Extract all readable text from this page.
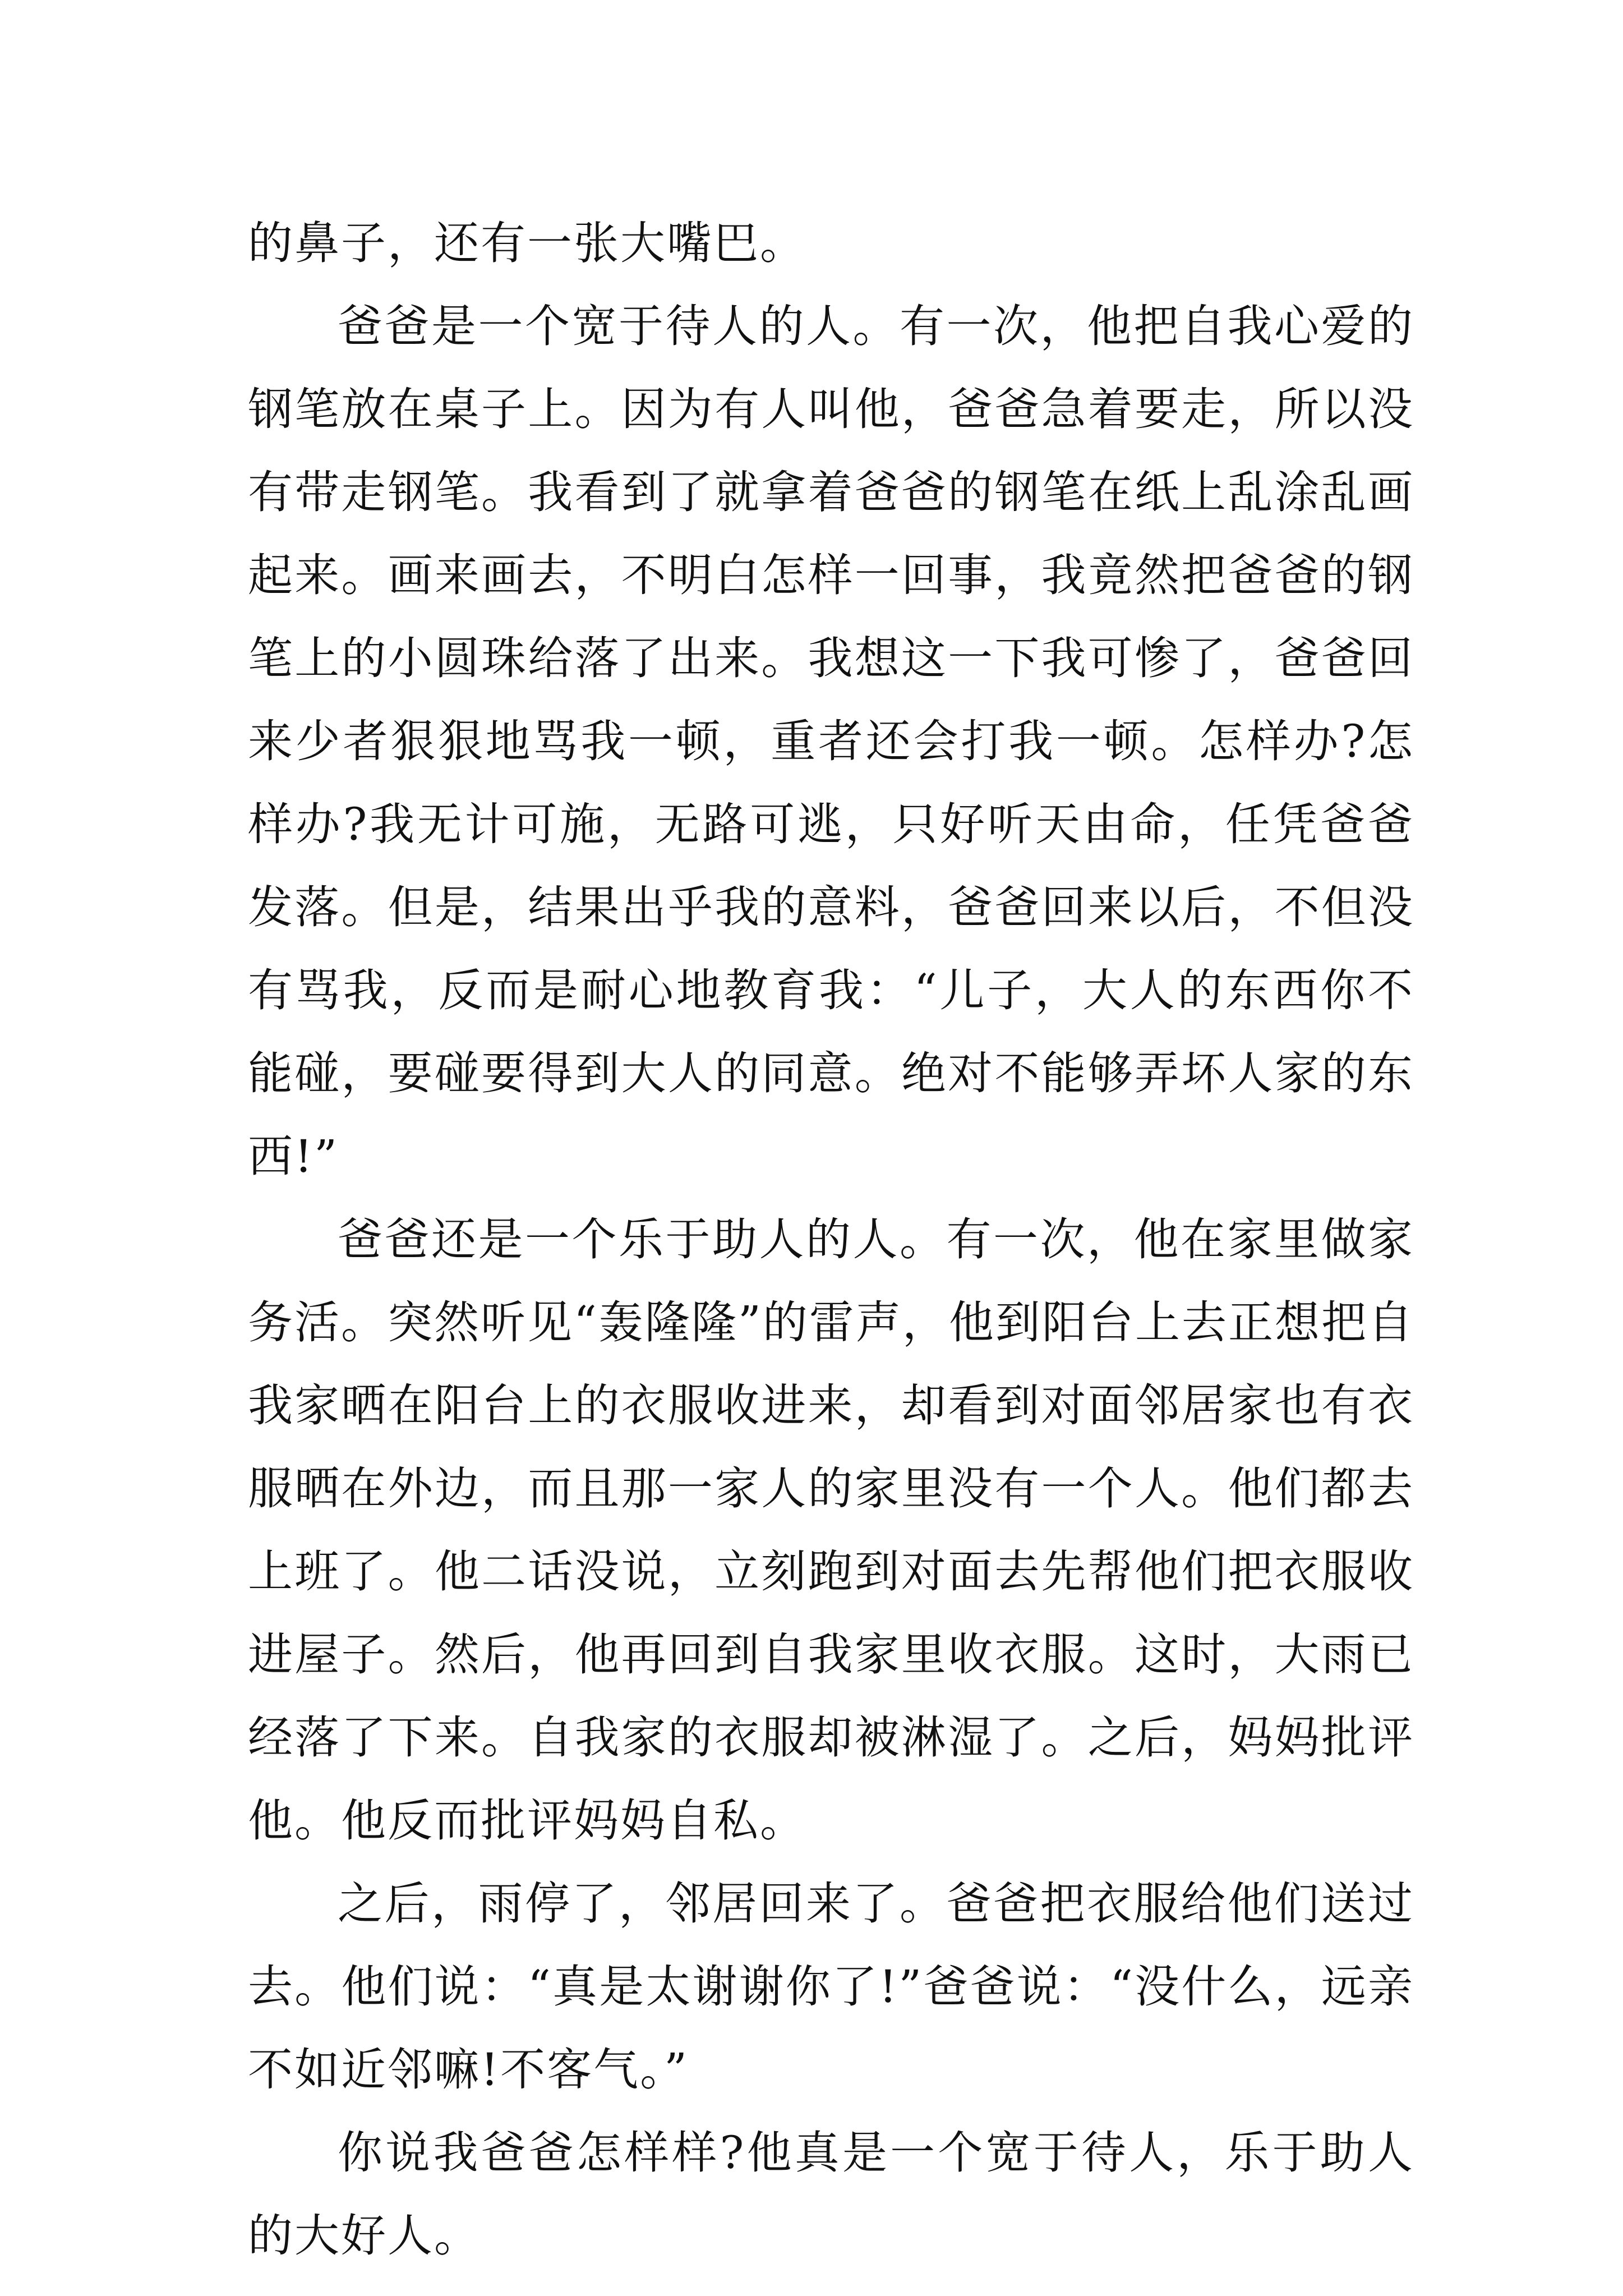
的鼻子，还有一张大嘴巴。

爸爸是一个宽于待人的人。有一次，他把自我心爱的钢笔放在桌子上。因为有人叫他，爸爸急着要走，所以没有带走钢笔。我看到了就拿着爸爸的钢笔在纸上乱涂乱画起来。画来画去，不明白怎样一回事，我竟然把爸爸的钢笔上的小圆珠给落了出来。我想这一下我可惨了，爸爸回来少者狠狠地骂我一顿，重者还会打我一顿。怎样办?怎样办?我无计可施，无路可逃，只好听天由命，任凭爸爸发落。但是，结果出乎我的意料，爸爸回来以后，不但没有骂我，反而是耐心地教育我：“儿子，大人的东西你不能碰，要碰要得到大人的同意。绝对不能够弄坏人家的东西!”

爸爸还是一个乐于助人的人。有一次，他在家里做家务活。突然听见“轰隆隆”的雷声，他到阳台上去正想把自我家晒在阳台上的衣服收进来，却看到对面邻居家也有衣服晒在外边，而且那一家人的家里没有一个人。他们都去上班了。他二话没说，立刻跑到对面去先帮他们把衣服收进屋子。然后，他再回到自我家里收衣服。这时，大雨已经落了下来。自我家的衣服却被淋湿了。之后，妈妈批评他。他反而批评妈妈自私。

之后，雨停了，邻居回来了。爸爸把衣服给他们送过去。他们说：“真是太谢谢你了!”爸爸说：“没什么，远亲不如近邻嘛!不客气。”

你说我爸爸怎样样?他真是一个宽于待人，乐于助人的大好人。
